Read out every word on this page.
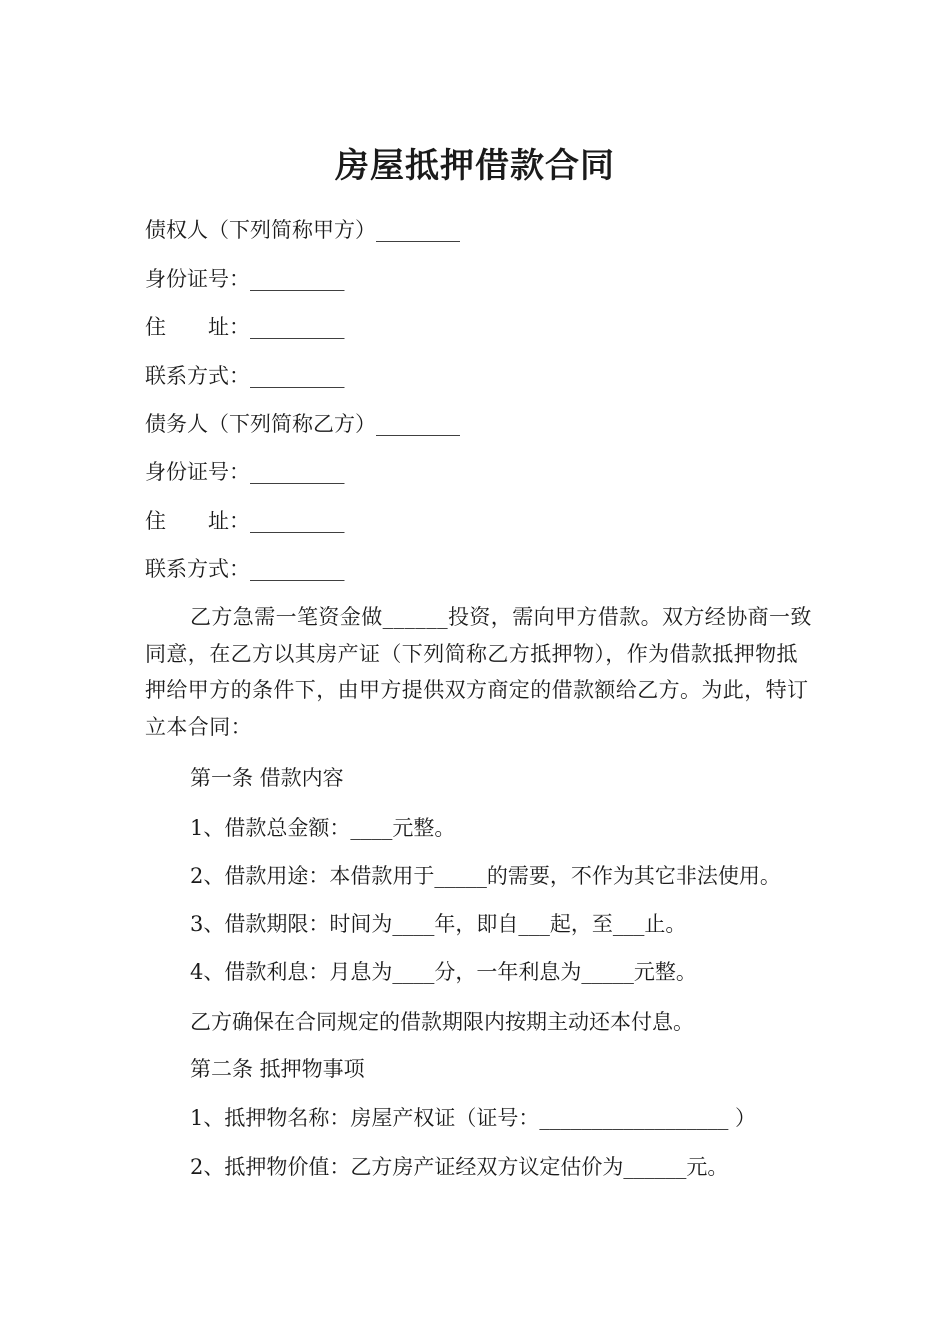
房屋抵押借款合同
债权人（下列简称甲方）________
身份证号：_________
住 址：_________
联系方式：_________
债务人（下列简称乙方）________
身份证号：_________
住 址：_________
联系方式：_________
乙方急需一笔资金做______投资，需向甲方借款。双方经协商一致同意，在乙方以其房产证（下列简称乙方抵押物），作为借款抵押物抵押给甲方的条件下，由甲方提供双方商定的借款额给乙方。为此，特订立本合同：
第一条 借款内容
1、借款总金额：____元整。
2、借款用途：本借款用于_____的需要，不作为其它非法使用。
3、借款期限：时间为____年，即自___起，至___止。
4、借款利息：月息为____分，一年利息为_____元整。
乙方确保在合同规定的借款期限内按期主动还本付息。
第二条 抵押物事项
1、抵押物名称：房屋产权证（证号：__________________ ）
2、抵押物价值：乙方房产证经双方议定估价为______元。
